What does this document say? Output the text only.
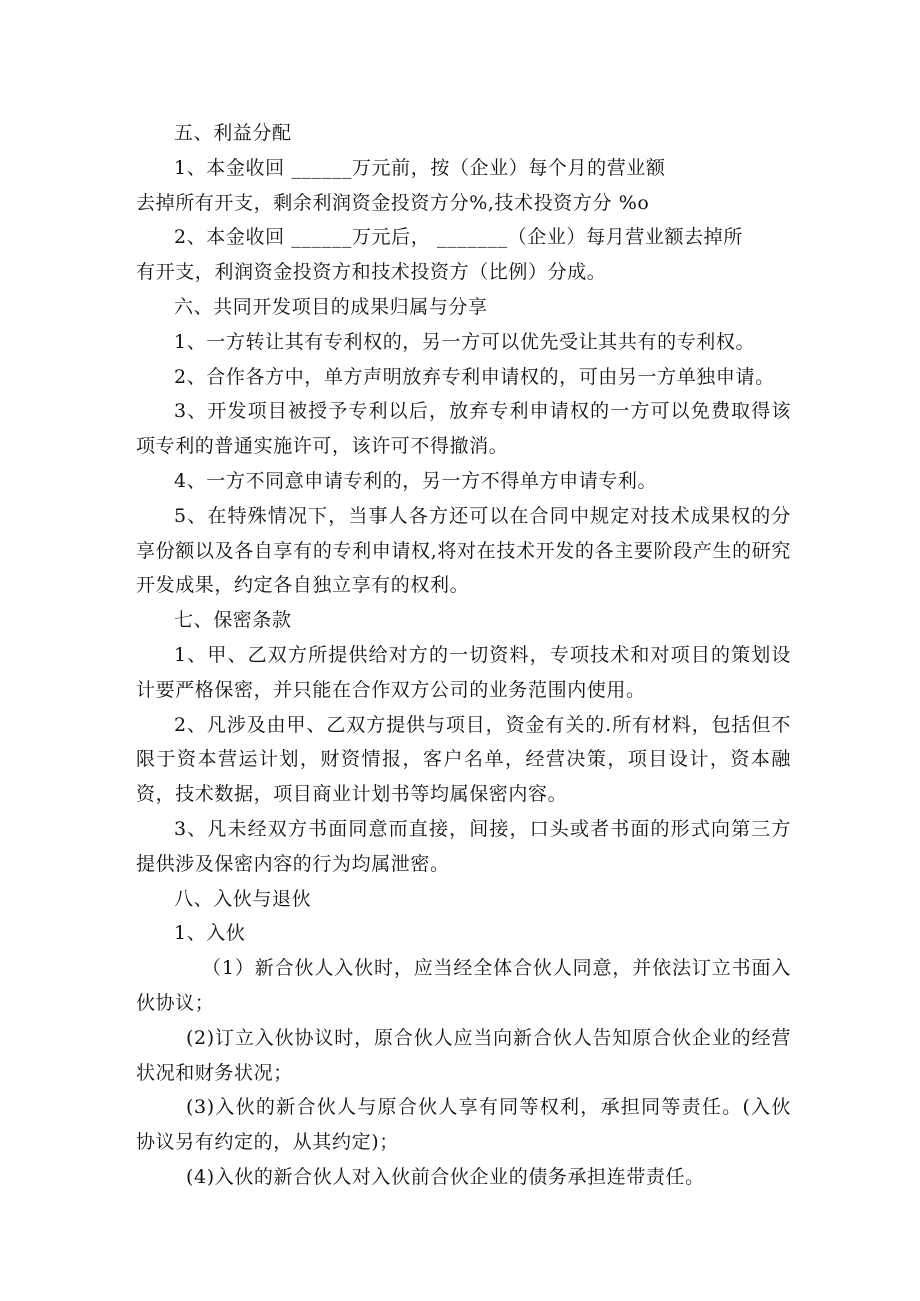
五、利益分配

1、本金收回 ______万元前，按（企业）每个月的营业额

去掉所有开支，剩余利润资金投资方分%,技术投资方分 %o

2、本金收回 ______万元后， _______（企业）每月营业额去掉所

有开支，利润资金投资方和技术投资方（比例）分成。

六、共同开发项目的成果归属与分享

1、一方转让其有专利权的，另一方可以优先受让其共有的专利权。

2、合作各方中，单方声明放弃专利申请权的，可由另一方单独申请。

3、开发项目被授予专利以后，放弃专利申请权的一方可以免费取得该项专利的普通实施许可，该许可不得撤消。

4、一方不同意申请专利的，另一方不得单方申请专利。

5、在特殊情况下，当事人各方还可以在合同中规定对技术成果权的分享份额以及各自享有的专利申请权,将对在技术开发的各主要阶段产生的研究开发成果，约定各自独立享有的权利。

七、保密条款

1、甲、乙双方所提供给对方的一切资料，专项技术和对项目的策划设计要严格保密，并只能在合作双方公司的业务范围内使用。

2、凡涉及由甲、乙双方提供与项目，资金有关的.所有材料，包括但不限于资本营运计划，财资情报，客户名单，经营决策，项目设计，资本融资，技术数据，项目商业计划书等均属保密内容。

3、凡未经双方书面同意而直接，间接，口头或者书面的形式向第三方提供涉及保密内容的行为均属泄密。

八、入伙与退伙

1、入伙

（1）新合伙人入伙时，应当经全体合伙人同意，并依法订立书面入伙协议；

(2)订立入伙协议时，原合伙人应当向新合伙人告知原合伙企业的经营状况和财务状况；

(3)入伙的新合伙人与原合伙人享有同等权利，承担同等责任。(入伙协议另有约定的，从其约定)；

(4)入伙的新合伙人对入伙前合伙企业的债务承担连带责任。
